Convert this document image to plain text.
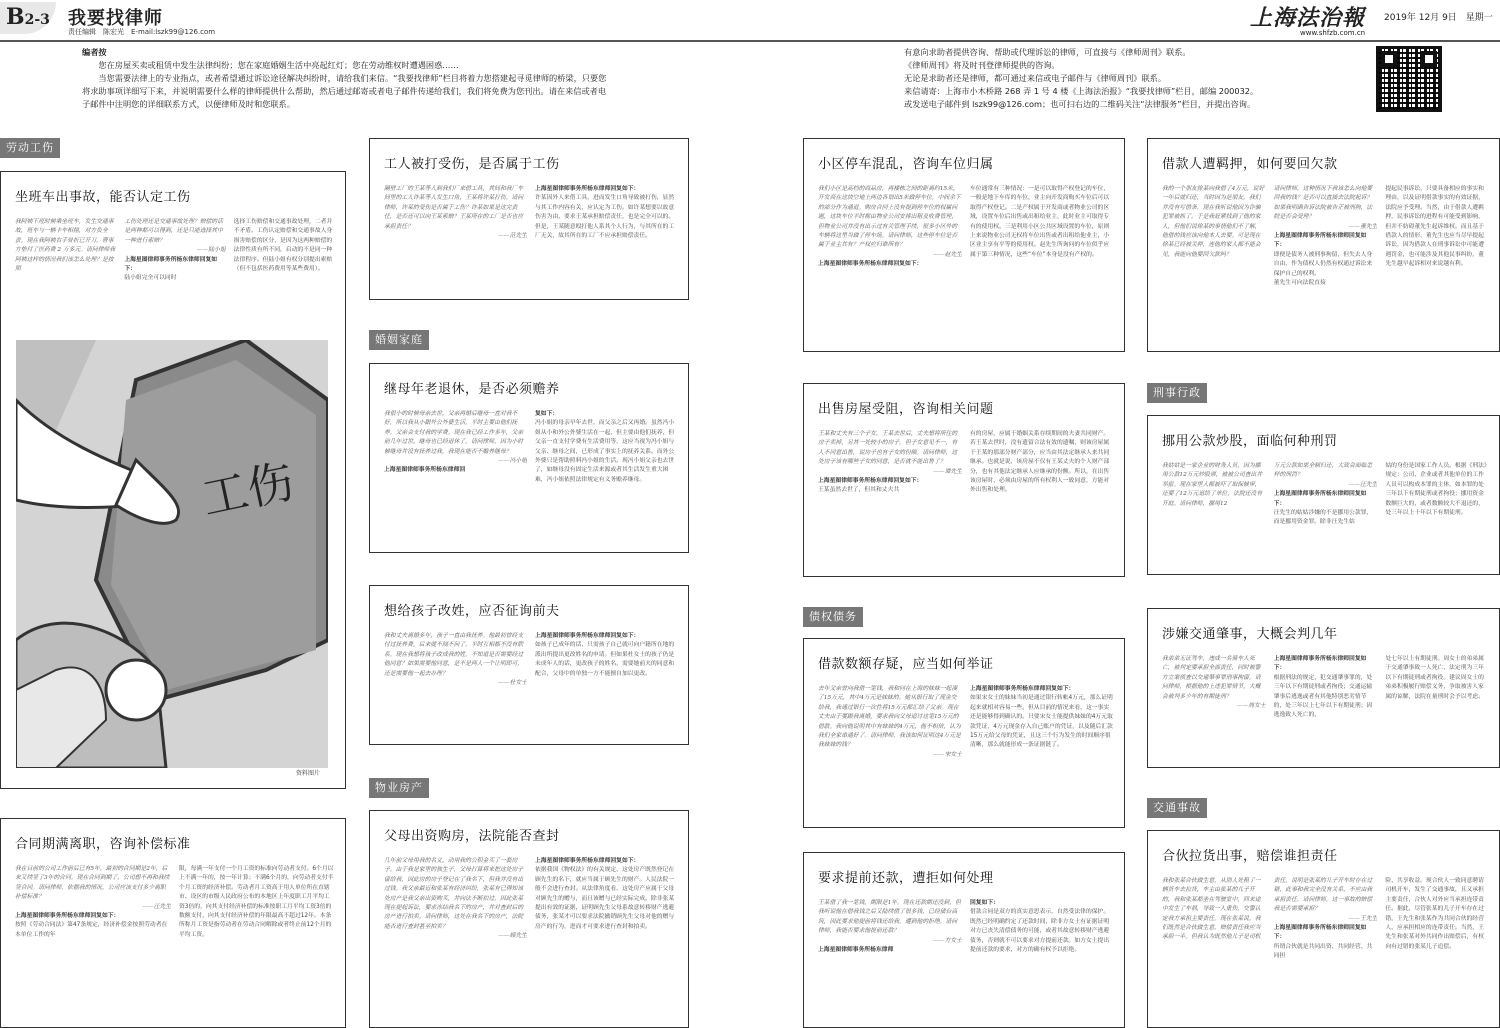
B2-3	我要找律师
责任编辑　陈宏光　E-mail:lszk99@126.com
上海法治報
www.shfzb.com.cn
2019年 12月 9日　星期一
编者按
您在房屋买卖或租赁中发生法律纠纷；您在家庭婚姻生活中亮起红灯；您在劳动维权时遭遇困惑……
当您需要法律上的专业指点，或者希望通过诉讼途径解决纠纷时，请给我们来信。“我要找律师”栏目将着力您搭建起寻觅律师的桥梁，只要您将求助事项详细写下来，并说明需要什么样的律师提供什么帮助，然后通过邮寄或者电子邮件传递给我们，我们将免费为您刊出。请在来信或者电子邮件中注明您的详细联系方式，以便律师及时和您联系。
有意向求助者提供咨询、帮助或代理诉讼的律师，可直接与《律师周刊》联系。
《律师周刊》将及时刊登律师提供的咨询。
无论是求助者还是律师，都可通过来信或电子邮件与《律师周刊》联系。
来信请寄：上海市小木桥路 268 弄 1 号 4 楼《上海法治报》“我要找律师”栏目，邮编 200032。
或发送电子邮件到 lszk99@126.com；也可扫右边的二维码关注“法律服务”栏目，并提出咨询。
劳动工伤
婚姻家庭
物业房产
债权债务
刑事行政
交通事故
坐班车出事故，能否认定工伤

我阿姨下班时候乘坐班车，发生交通事故，班车与一辆卡车相撞，对方负全责。现在我阿姨右手骨折已开刀，瞢事方垫付了医药费 2 万多元。请问律师我阿姨这样的情况我们该怎么处理？是按照

工伤处理还是交通事故处理？赔偿的话是两种都可以得到，还是只能选择其中一种进行索赔？

——陆小姐

上海星图律师事务所杨东律师回复如下：

陆小姐完全可以同时

选择工伤赔偿和交通事故处理，二者并不矛盾。工伤认定赔偿和交通事故人身损害赔偿的区分，是因为这两种赔偿的法律性质有所不同，启动的不是同一种法律程序。但陆小姐有权分别提出索赔（但不包括医药费用等某些费用）。

工伤
资料图片
合同期满离职，咨询补偿标准

我在目前的公司工作前后已有5年，最初的合同期是2年，后来又续签了3年的合同。现在合同到期了，公司想不再和我续签合同。请问律师，依据我的情况，公司应该支付多少离职补偿标准？

——汪先生

上海星图律师事务所杨东律师回复如下：

按照《劳动合同法》第47条规定，经济补偿金按照劳动者在本单位工作的年

限，每满一年支付一个月工资的标准向劳动者支付。6个月以上不满一年的，按一年计算；不满6个月的，向劳动者支付半个月工资的经济补偿。劳动者月工资高于用人单位所在直辖市、设区的市级人民政府公布的本地区上年度职工月平均工资3倍的，向其支付经济补偿的标准按职工月平均工资3倍的数额支付，向其支付经济补偿的年限最高不超过12年。本条所称月工资是指劳动者在劳动合同解除或者终止前12个月的平均工资。

工人被打受伤，是否属于工伤

隔壁工厂的王某等人到我们厂来借工具，其间和我厂车间里的工人许某等人发生口角，王某将许某打伤。请问律师，许某的受伤是否属于工伤？许某如果是这完责任，是否还可以向王某索赔？王某所在的工厂是否也应承担责任？

——范先生

上海星图律师事务所杨东律师回复如下：

许某因外人来借工具，进而发生口角导致被打伤，显然与其工作内容有关，应认定为工伤。如许某想要以故意伤害为由，要求王某承担赔偿责任，也是完全可以的。但是，王某随意殴打他人系其个人行为，与其所在的工厂无关，故其所在的工厂不应承担赔偿责任。

继母年老退休，是否必须赡养

我很小的时候母亲去世，父亲再婚后继母一直对我不好，所以我从小跟外公外婆生活，平时主要由他们抚养。父亲会支付我的学费。现在我已经工作多年，父亲前几年过世，继母也已经退休了。请问律师，因为小时候继母并没有抚养过我，我现在能否不赡养继母？

——冯小姐

上海星图律师事务所杨东律师回

复如下：

冯小姐的母亲早年去世，而父亲之后又再婚。虽然冯小姐从小和外公外婆生活在一起，但主要由他们抚养，但父亲一直支付学费有生活费用等，这应当视为冯小姐与父亲、继母之间，已形成了事实上的抚养关系。而外公外婆只是帮助照料冯小姐的生活。现冯小姐父亲也去世了，如继母没有固定生活来源或者其生活发生重大困难，冯小姐依照法律规定有义务赡养继母。

想给孩子改姓，应否征询前夫

我和丈夫离婚多年，孩子一直由我抚养。他最初曾经支付过抚养费，后来就不闻不问了，平时互相都不没有联系。现在我想将孩子改成我的姓，不知道是否需要经过他同意？如果需要他同意，是不是两人一个让明即可，还是需要他一起去办理？

——杜女士

上海星图律师事务所杨东律师回复如下：

如孩子已成年的话，只需孩子自己就可向户籍所在地的派出所提出更改姓名的申请。但如果杜女士的孩子仍是未成年人的话，更改孩子的姓名，需要她前夫的同意和配合，父母中的单独一方不能擅自加以更改。

父母出资购房，法院能否查封

几年前父母用我的名义，动用我的公积金买了一套房子。由于我是家里的独生子，父母打算将来把这处房子留给我，因此房的房子登记在了我名下，但我并没有出过钱。我父亲最近和张某有经济纠纷，张某有已得知该处房产是我父亲出资购买，并向法不断扣过，因此张某现在提起诉讼，要求冻结我名下的房产，并对查封后的房产进行拍卖。请问律师，这处在我名下的房产，法院能否进行查封甚至拍卖？

——顾先生

上海星图律师事务所杨东律师回复如下：

依据我国《物权法》的有关规定，这处房产既然登记在顾先生的名下，就应当属于顾先生的财产。人民法院一般不会进行查封。从法律角度看，这处房产应属于父母对顾先生的赠与，而且该赠与已经实际完成。除非张某提出有效的证据，证明顾先生父母系故意转移财产逃避债务，张某才可以要求法院撤销顾先生父母对他的赠与房产的行为，进而才可要求进行查封和拍卖。

小区停车混乱，咨询车位归属

我们小区是高档的商品房，再楼栋之间的距离约15米，开发商在这块空地上两边各划出5米做停车位，中间余下的部分作为通道。购房合同上没有提到停车位的权属问题，这块车位平时都由物业公司安排出租及收费管理，但物业公司并没有出示过有关管理手续，很多小区外的车辆将这里当做了停车场。请问律师，这些停车位是否属于业主共有？产权应归谁所有？

——赵先生

上海星图律师事务所杨东律师回复如下：

车位通常有三种情况：一是可以取得产权登记的车位，一般是地下车库的车位，业主向开发商购买车位后可以取得产权登记。二是产权属于开发商或者物业公司的区域，设置车位后出售或出租给业主，此时业主可取得专有的使用权。三是利用小区公共区域设置的车位，原则上来说物业公司无权将车位出售或者出租给他业主，小区业主享有平等的使用权。赵先生所询问的车位似乎应属于第三种情况，这些“车位”本身是没有产权的。

出售房屋受阻，咨询相关问题

王某和丈夫有三个子女，王某去世后，丈夫想将所住的房子卖掉，另其一处较小的房子。但子女意见不一，有人不同意出售，说房子也有子女的份额。请问律师，这处房子该有哪些子女的同意，是否就不能出售了？

——谭先生

上海星图律师事务所杨东律师回复如下：

王某虽然去世了，但其和丈夫共

有的房屋，应属于婚姻关系存续期间的夫妻共同财产。若王某去世时，没有遗留合法有效的遗嘱，则该房屋属于王某的那部分财产部分，应当由其法定继承人来共同继承。也就是说，该房屋不仅有王某丈夫的个人财产部分，也有其他法定继承人应继承的份额。所以，在出售该房屋时，必须由房屋的所有权利人一致同意，方能对外出售和处理。

借款数额存疑，应当如何举证

去年父亲曾向我借一笔钱，我和同在上海的妹妹一起凑了15万元，其中4万元是妹妹的。她从银行取了现金交给我，我通过银行一次性将15万元都汇给了父亲。现在丈夫由于要跟我离婚，要求我向父母追讨这笔15万元的借款。我向他说明其中有妹妹的4万元，他不相信，认为我们全家串通好了。请问律师，我该如何证明这4万元是我妹妹的钱？

——宋女士

上海星图律师事务所杨东律师回复如下：

如果宋女士的妹妹当初是通过银行转帐4万元，那么证明起来就相对容易一些。但从目前的情况来看，这一事实还是能够得到确认的。只要宋女士能提供妹妹的4万元取款凭证，4万元现金存入自己账户的凭证，以及随后汇款15万元给父母的凭证，且这三个行为发生的时间顺序很清晰，那么就能形成一条证据链了。

要求提前还款，遭拒如何处理

王某借了我一笔钱，期限是1年。现在还款期还没到，但我听说他在借我钱之后又陆续借了很多钱，已经债台高筑，因此要求他提前将钱还给我，遭到他的拒绝。请问律师，我能否要求他提前还款？

——方女士

上海星图律师事务所杨东律师

回复如下：

借款合同是双方的真实意思表示，自然受法律的保护。既然已经明确约定了还款时间，除非方女士有证据证明对方已丧失清偿债务的可能，或者其故意转移财产逃避债务，否则就不可以要求对方提前还款。如方女士提出提前还款的要求，对方的确有权予以拒绝。

借款人遭羁押，如何要回欠款

我的一个朋友徐某向我借了4万元，说好一年后就归还，当时因为是朋友，我们并没有写借条。现在我听说他因为诈骗犯罪被抓了，于是我赶紧找到了他的家人，但他们说徐某的事情他们不了解，他借的钱应该向他本人去要。可是现在徐某已经被关押，连他的家人都不能会见，我能向他要回欠款吗？

请问律师，这种情况下我该怎么向他要回我的钱？是否可以直接去法院起诉？如果我明确告诉法院被告正被刑拘，法院是否会受理？

——董先生

上海星图律师事务所杨东律师回复如下：

即便是债务人被刑事拘留，但失去人身自由，作为债权人仍然有权通过诉讼来保护自己的权利。

董先生可向法院直接

提起民事诉讼，只要具备相应的事实和理由，以及证明借款事实的有效证据，法院应予受理。当然，由于借款人遭羁押，民事诉讼的进程有可能受到影响，但并不妨碍董先生起诉维权。而且基于借款人的情形，董先生也应当尽早提起诉讼，因为借款人在刑事诉讼中可能遭遇罚金，也可能涉及其他民事纠纷，董先生越早起诉相对来说越有利。

挪用公款炒股，面临何种刑罚

我姑姑是一家企业的财务人员，因为挪用公款12万元炒股票，被被公司查出并举报。现在家里人都被吓了取保候审，还要了12万元退给了单位，法院还没有开庭。请问律师，挪用12

万元公款如果全额归还，大致会面临怎样的刑罚？

——汪先生

上海星图律师事务所杨东律师回复如下：

汪先生的姑姑涉嫌的不是挪用公款罪，而是挪用资金罪。除非汪先生姑

姑的身份是国家工作人员。根据《刑法》规定：公司、企业或者其他单位的工作人员可以构成本罪的主体，如本罪的处三年以下有期徒刑或者拘役；挪用资金数额巨大的，或者数额较大不退还的，处三年以上十年以下有期徒刑。

涉嫌交通肇事，大概会判几年

我弟弟无证驾车，违成一名骑车人死亡，被判定要承担全部责任，同时被警方立案侦查以交通肇事罪刑事拘留。请问律师，根据他的上述犯罪情节，大概会被判多少年的有期徒刑？

——周女士

上海星图律师事务所杨东律师回复如下：

根据刑法的规定，犯交通肇事罪的，处三年以下有期徒刑或者拘役；交通运输肇事后逃逸或者有其他特别恶劣情节的，处三年以上七年以下有期徒刑；因逃逸致人死亡的，

处七年以上有期徒刑。周女士的弟弟属于交通肇事致一人死亡，法定刑为三年以下有期徒刑或者拘役。建议周女士的弟弟积极履行赔偿义务，争取被害人家属的谅解，法院在量刑时会予以考虑。

合伙拉货出事，赔偿谁担责任

我和张某合伙做生意，从别人处租了一辆货车去拉货，车主由张某的儿子开的，我和张某都坐在驾驶室中，回来途中发生了车祸，导致一人重伤，交警认定我方承担主要责任。现在张某说，我们既然是合伙做生意，赔偿责任我应当承担一半。但我认为既然他儿子是司机

责任，说明是张某的儿子开车时存在过错，此事和我完全没有关系，不应由我承担责任。请问律师，这一事故的赔偿我是否需要承担？

——王先生

上海星图律师事务所杨东律师回复如下：

所谓合伙就是共同出资、共同经营、共同担

险、共享收益。现合伙人一致同意聘请司机开车，发生了交通事故，且又承担主要责任，合伙人对外应当承担连带责任。据此，尽管张某的儿子开车存在过错，王先生和张某作为共同合伙的经营人，应承担相应的连带责任。当然，王先生和张某对外共同作出赔偿后，有权向有过错的张某儿子追偿。
